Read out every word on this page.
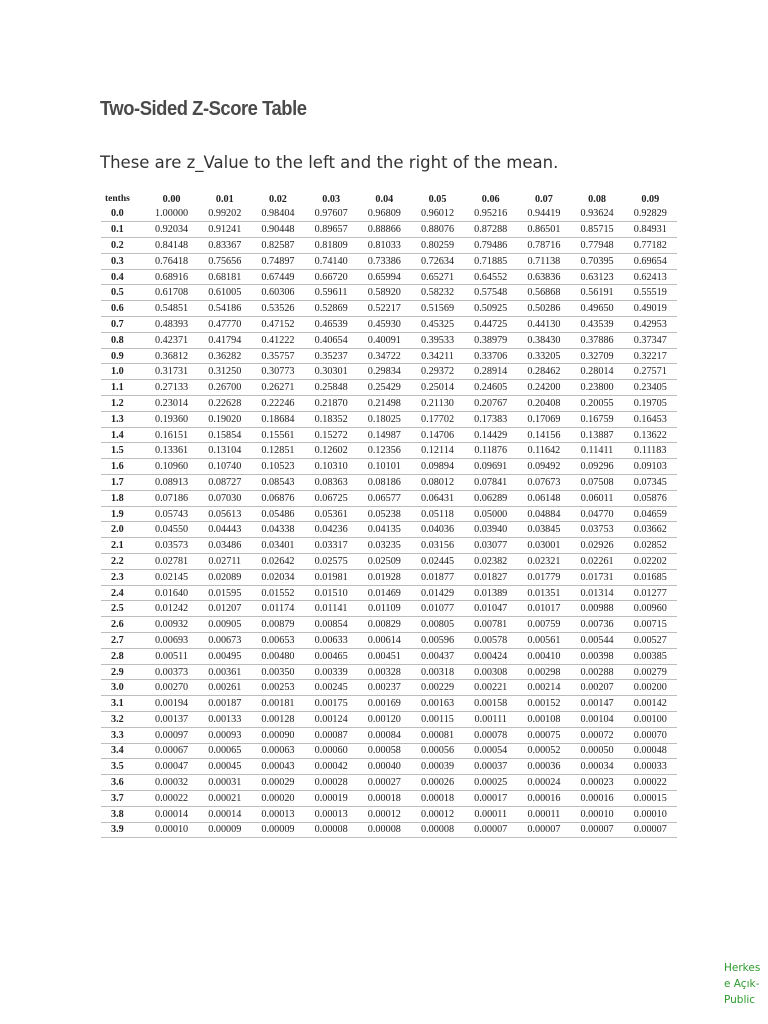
Two-Sided Z-Score Table
These are z_Value to the left and the right of the mean.
tenths	0.00	0.01	0.02	0.03	0.04	0.05	0.06	0.07	0.08	0.09
0.0	1.00000	0.99202	0.98404	0.97607	0.96809	0.96012	0.95216	0.94419	0.93624	0.92829
0.1	0.92034	0.91241	0.90448	0.89657	0.88866	0.88076	0.87288	0.86501	0.85715	0.84931
0.2	0.84148	0.83367	0.82587	0.81809	0.81033	0.80259	0.79486	0.78716	0.77948	0.77182
0.3	0.76418	0.75656	0.74897	0.74140	0.73386	0.72634	0.71885	0.71138	0.70395	0.69654
0.4	0.68916	0.68181	0.67449	0.66720	0.65994	0.65271	0.64552	0.63836	0.63123	0.62413
0.5	0.61708	0.61005	0.60306	0.59611	0.58920	0.58232	0.57548	0.56868	0.56191	0.55519
0.6	0.54851	0.54186	0.53526	0.52869	0.52217	0.51569	0.50925	0.50286	0.49650	0.49019
0.7	0.48393	0.47770	0.47152	0.46539	0.45930	0.45325	0.44725	0.44130	0.43539	0.42953
0.8	0.42371	0.41794	0.41222	0.40654	0.40091	0.39533	0.38979	0.38430	0.37886	0.37347
0.9	0.36812	0.36282	0.35757	0.35237	0.34722	0.34211	0.33706	0.33205	0.32709	0.32217
1.0	0.31731	0.31250	0.30773	0.30301	0.29834	0.29372	0.28914	0.28462	0.28014	0.27571
1.1	0.27133	0.26700	0.26271	0.25848	0.25429	0.25014	0.24605	0.24200	0.23800	0.23405
1.2	0.23014	0.22628	0.22246	0.21870	0.21498	0.21130	0.20767	0.20408	0.20055	0.19705
1.3	0.19360	0.19020	0.18684	0.18352	0.18025	0.17702	0.17383	0.17069	0.16759	0.16453
1.4	0.16151	0.15854	0.15561	0.15272	0.14987	0.14706	0.14429	0.14156	0.13887	0.13622
1.5	0.13361	0.13104	0.12851	0.12602	0.12356	0.12114	0.11876	0.11642	0.11411	0.11183
1.6	0.10960	0.10740	0.10523	0.10310	0.10101	0.09894	0.09691	0.09492	0.09296	0.09103
1.7	0.08913	0.08727	0.08543	0.08363	0.08186	0.08012	0.07841	0.07673	0.07508	0.07345
1.8	0.07186	0.07030	0.06876	0.06725	0.06577	0.06431	0.06289	0.06148	0.06011	0.05876
1.9	0.05743	0.05613	0.05486	0.05361	0.05238	0.05118	0.05000	0.04884	0.04770	0.04659
2.0	0.04550	0.04443	0.04338	0.04236	0.04135	0.04036	0.03940	0.03845	0.03753	0.03662
2.1	0.03573	0.03486	0.03401	0.03317	0.03235	0.03156	0.03077	0.03001	0.02926	0.02852
2.2	0.02781	0.02711	0.02642	0.02575	0.02509	0.02445	0.02382	0.02321	0.02261	0.02202
2.3	0.02145	0.02089	0.02034	0.01981	0.01928	0.01877	0.01827	0.01779	0.01731	0.01685
2.4	0.01640	0.01595	0.01552	0.01510	0.01469	0.01429	0.01389	0.01351	0.01314	0.01277
2.5	0.01242	0.01207	0.01174	0.01141	0.01109	0.01077	0.01047	0.01017	0.00988	0.00960
2.6	0.00932	0.00905	0.00879	0.00854	0.00829	0.00805	0.00781	0.00759	0.00736	0.00715
2.7	0.00693	0.00673	0.00653	0.00633	0.00614	0.00596	0.00578	0.00561	0.00544	0.00527
2.8	0.00511	0.00495	0.00480	0.00465	0.00451	0.00437	0.00424	0.00410	0.00398	0.00385
2.9	0.00373	0.00361	0.00350	0.00339	0.00328	0.00318	0.00308	0.00298	0.00288	0.00279
3.0	0.00270	0.00261	0.00253	0.00245	0.00237	0.00229	0.00221	0.00214	0.00207	0.00200
3.1	0.00194	0.00187	0.00181	0.00175	0.00169	0.00163	0.00158	0.00152	0.00147	0.00142
3.2	0.00137	0.00133	0.00128	0.00124	0.00120	0.00115	0.00111	0.00108	0.00104	0.00100
3.3	0.00097	0.00093	0.00090	0.00087	0.00084	0.00081	0.00078	0.00075	0.00072	0.00070
3.4	0.00067	0.00065	0.00063	0.00060	0.00058	0.00056	0.00054	0.00052	0.00050	0.00048
3.5	0.00047	0.00045	0.00043	0.00042	0.00040	0.00039	0.00037	0.00036	0.00034	0.00033
3.6	0.00032	0.00031	0.00029	0.00028	0.00027	0.00026	0.00025	0.00024	0.00023	0.00022
3.7	0.00022	0.00021	0.00020	0.00019	0.00018	0.00018	0.00017	0.00016	0.00016	0.00015
3.8	0.00014	0.00014	0.00013	0.00013	0.00012	0.00012	0.00011	0.00011	0.00010	0.00010
3.9	0.00010	0.00009	0.00009	0.00008	0.00008	0.00008	0.00007	0.00007	0.00007	0.00007
Herkes
e Açık-
Public
